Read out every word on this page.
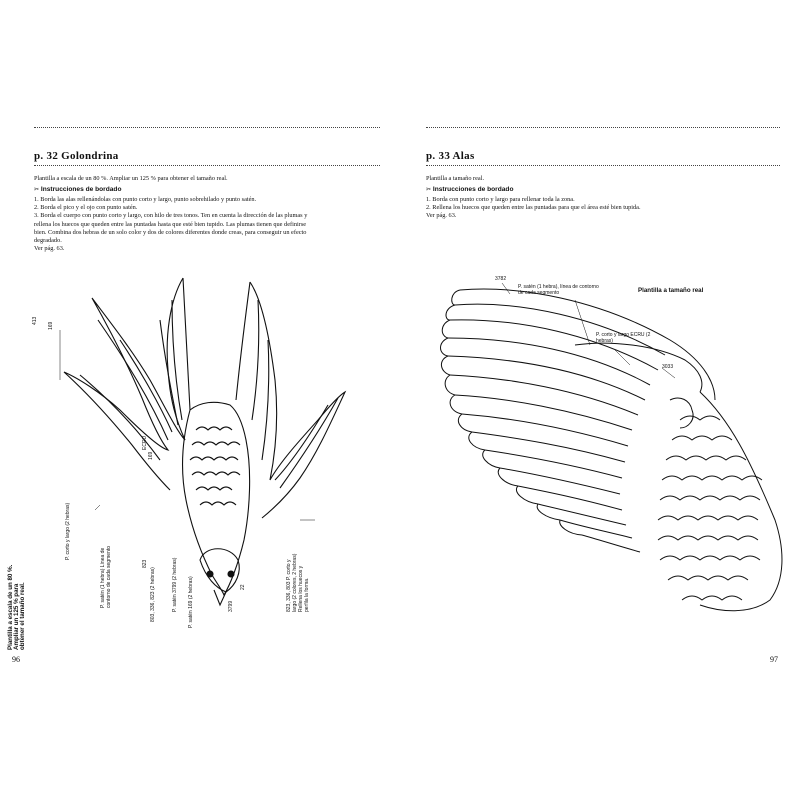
p. 32 Golondrina
Plantilla a escala de un 80 %. Ampliar un 125 % para obtener el tamaño real.
✂ Instrucciones de bordado

1. Borda las alas rellenándolas con punto corto y largo, punto sobrehilado y punto satén.

2. Borda el pico y el ojo con punto satén.

3. Borda el cuerpo con punto corto y largo, con hilo de tres tonos. Ten en cuenta la dirección de las plumas y rellena los huecos que queden entre las puntadas hasta que esté bien tupido. Las plumas tienen que definirse bien. Combina dos hebras de un solo color y dos de colores diferentes donde creas, para conseguir un efecto degradado.

Ver pág. 63.

413
169
ECRU
169
P. corto y largo (2 hebras)
P. satén (1 hebra) Línea de contorno de cada segmento	823
803, 336, 823 (2 hebras)	P. satén 3799 (2 hebras) P. satén 169 (2 hebras)	22
3799	823, 336, 803 P. corto y largo (2 colores, 2 hebras) Rellena los huecos y perfila la forma.
Plantilla a escala de un 80 %. Ampliar un 125 % para obtener el tamaño real.
96
p. 33 Alas
Plantilla a tamaño real.
✂ Instrucciones de bordado

1. Borda con punto corto y largo para rellenar toda la zona.

2. Rellena los huecos que queden entre las puntadas para que el área esté bien tupida.

Ver pág. 63.

3782
P. satén (1 hebra), línea de contorno de cada segmento	Plantilla a tamaño real
P. corto y largo ECRU (2 hebras)
3033
97
